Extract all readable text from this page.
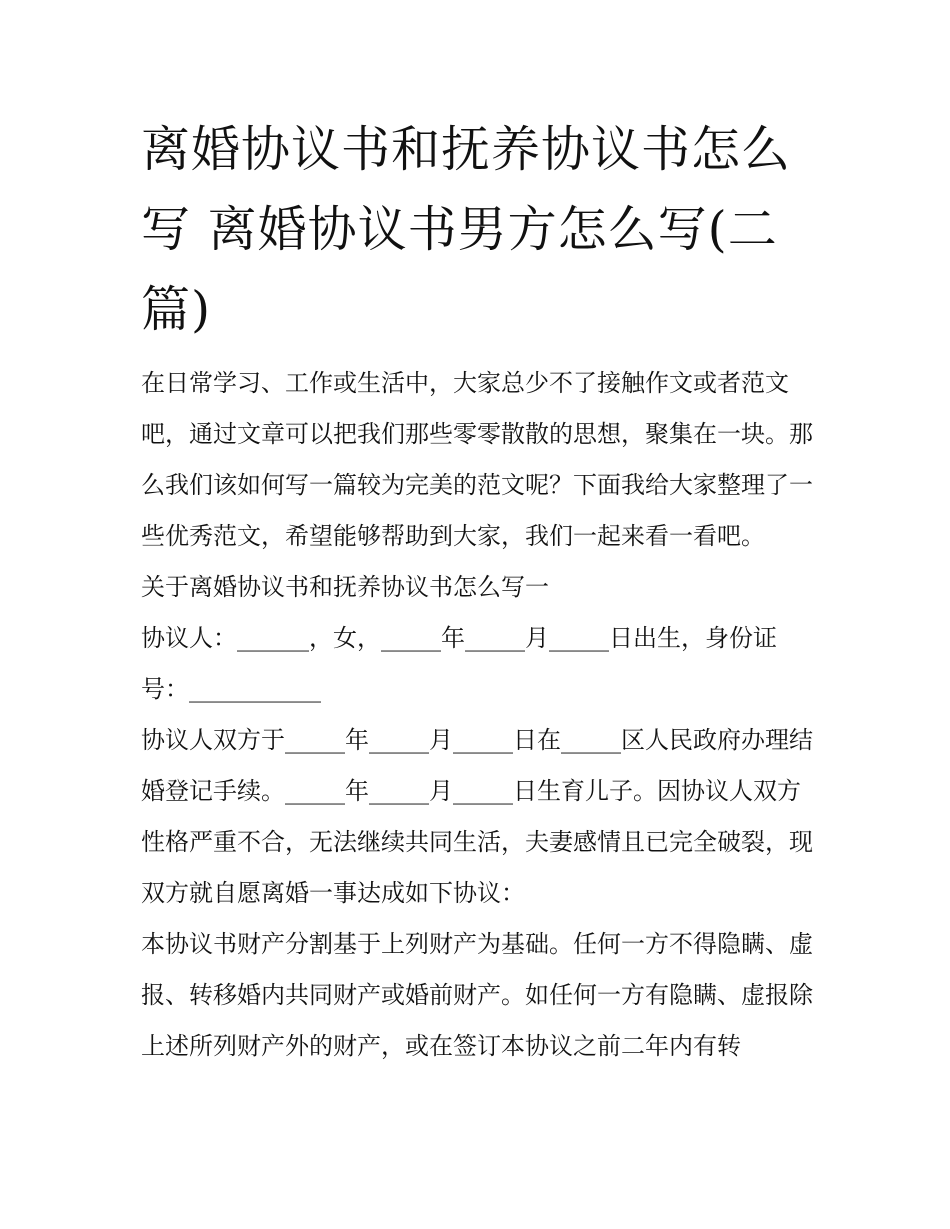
离婚协议书和抚养协议书怎么写 离婚协议书男方怎么写(二篇)

在日常学习、工作或生活中，大家总少不了接触作文或者范文吧，通过文章可以把我们那些零零散散的思想，聚集在一块。那么我们该如何写一篇较为完美的范文呢？下面我给大家整理了一些优秀范文，希望能够帮助到大家，我们一起来看一看吧。

关于离婚协议书和抚养协议书怎么写一

协议人：______，女，_____年_____月_____日出生，身份证号：___________

协议人双方于_____年_____月_____日在_____区人民政府办理结婚登记手续。_____年_____月_____日生育儿子。因协议人双方性格严重不合，无法继续共同生活，夫妻感情且已完全破裂，现双方就自愿离婚一事达成如下协议：

本协议书财产分割基于上列财产为基础。任何一方不得隐瞒、虚报、转移婚内共同财产或婚前财产。如任何一方有隐瞒、虚报除上述所列财产外的财产，或在签订本协议之前二年内有转
